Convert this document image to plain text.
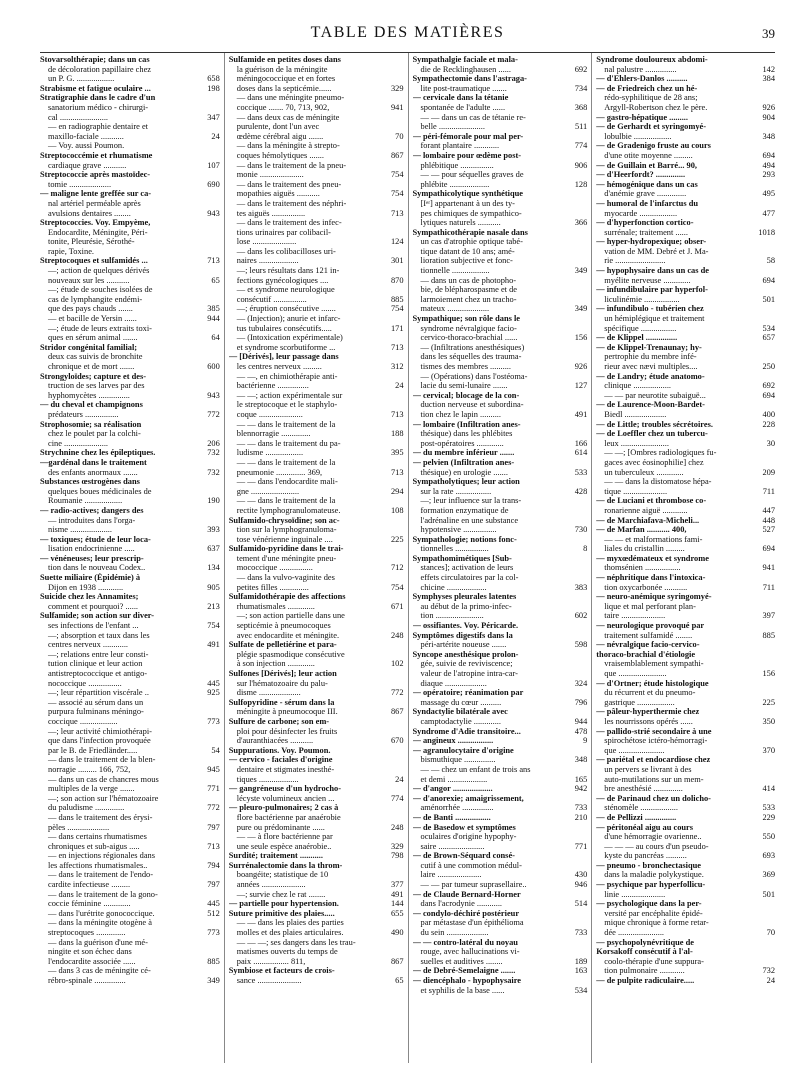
TABLE DES MATIÈRES	39
Stovarsolthérapie; dans un cas
de décoloration papillaire chez
un P. G. ..................	658
Strabisme et fatigue oculaire ...	198
Stratigraphie dans le cadre d'un
sanatorium médico - chirurgi-
cal .......................	347
— en radiographie dentaire et
maxillo-faciale ...........	24
— Voy. aussi Poumon.
Streptococcémie et rhumatisme
cardiaque grave ...........	107
Streptococcie après mastoïdec-
tomie ....................	690
— maligne lente greffée sur ca-
nal artériel perméable après
avulsions dentaires ........	943
Streptococcies. Voy. Empyème,
Endocardite, Méningite, Péri-
tonite, Pleurésie, Sérothé-
rapie, Toxine.
Streptocoques et sulfamidés ...	713
—; action de quelques dérivés
nouveaux sur les ...........	65
—; étude de souches isolées de
cas de lymphangite endémi-
que des pays chauds .......	385
— et bacille de Yersin ......	944
—; étude de leurs extraits toxi-
ques en sérum animal .......	64
Stridor congénital familial;
deux cas suivis de bronchite
chronique et de mort .......	600
Strongyloïdes; capture et des-
truction de ses larves par des
hyphomycètes ...............	943
— du cheval et champignons
prédateurs ................	772
Strophosomie; sa réalisation
chez le poulet par la colchi-
cine .....................	206
Strychnine chez les épileptiques.	732
—gardénal dans le traitement
des enfants anormaux .......	732
Substances œstrogènes dans
quelques boues médicinales de
Roumanie ..................	190
— radio-actives; dangers des
— introduites dans l'orga-
nisme ....................	393
— toxiques; étude de leur loca-
lisation endocrinienne .....	637
— vénéneuses; leur prescrip-
tion dans le nouveau Codex..	134
Suette miliaire (Épidémie) à
Dijon en 1938 ............	905
Suicide chez les Annamites;
comment et pourquoi? ......	213
Sulfamide; son action sur diver-
ses infections de l'enfant ...	754
—; absorption et taux dans les
centres nerveux ............	491
—; relations entre leur consti-
tution clinique et leur action
antistreptococcique et antigo-
nococcique ................	445
—; leur répartition viscérale ..	925
— associé au sérum dans un
purpura fulminans méningo-
coccique ..................	773
—; leur activité chimiothérapi-
que dans l'infection provoquée
par le B. de Friedländer.....	54
— dans le traitement de la blen-
norragie ......... 166, 752,	945
— dans un cas de chancres mous
multiples de la verge .......	771
—; son action sur l'hématozoaire
du paludisme ..............	772
— dans le traitement des érysi-
pèles ....................	797
— dans certains rhumatismes
chroniques et sub-aigus .....	713
— en injections régionales dans
les affections rhumatismales..	794
— dans le traitement de l'endo-
cardite infectieuse .........	797
— dans le traitement de la gono-
coccie féminine .............	445
— dans l'urétrite gonococcique.	512
— dans la méningite otogène à
streptocoques ..............	773
— dans la guérison d'une mé-
ningite et son échec dans
l'endocardite associée ......	885
— dans 3 cas de méningite cé-
rébro-spinale ...............	349
Sulfamide en petites doses dans
la guérison de la méningite
méningococcique et en fortes
doses dans la septicémie......	329
— dans une méningite pneumo-
coccique ....... 70, 713, 902,	941
— dans deux cas de méningite
purulente, dont l'un avec
œdème cérébral aigu .......	70
— dans la méningite à strepto-
coques hémolytiques .......	867
— dans le traitement de la pneu-
monie .....................	754
— dans le traitement des pneu-
mopathies aiguës ...........	754
— dans le traitement des néphri-
tes aiguës ................	713
— dans le traitement des infec-
tions urinaires par colibacil-
lose .....................	124
— dans les colibacilloses uri-
naires ...................	301
—; leurs résultats dans 121 in-
fections gynécologiques ....	870
— et syndrome neurologique
consécutif ................	885
—; éruption consécutive .......	754
— (Injection); anurie et infarc-
tus tubulaires consécutifs.....	171
— (Intoxication expérimentale)
et syndrome scorbutiforme ...	713
— [Dérivés], leur passage dans
les centres nerveux .........	312
— —, en chimiothérapie anti-
bactérienne ...............	24
— —; action expérimentale sur
le streptocoque et le staphylo-
coque .....................	713
— — dans le traitement de la
blennorragie ..............	188
— — dans le traitement du pa-
ludisme ..................	395
— — dans le traitement de la
pneumonie .............. 369,	713
— — dans l'endocardite mali-
gne .......................	294
— — dans le traitement de la
rectite lymphogranulomateuse.	108
Sulfamido-chrysoïdine; son ac-
tion sur la lymphogranuloma-
tose vénérienne inguinale ....	225
Sulfamido-pyridine dans le trai-
tement d'une méningite pneu-
mococcique ................	712
— dans la vulvo-vaginite des
petites filles ..............	754
Sulfamidothérapie des affections
rhumatismales .............	671
—; son action partielle dans une
septicémie à pneumocoques
avec endocardite et méningite.	248
Sulfate de pelletiérine et para-
plégie spasmodique consécutive
à son injection .............	102
Sulfones [Dérivés]; leur action
sur l'hématozoaire du palu-
disme ....................	772
Sulfopyridine - sérum dans la
méningite à pneumocoque III.	867
Sulfure de carbone; son em-
ploi pour désinfecter les fruits
d'auranthiacées ...........	670
Suppurations. Voy. Poumon.
— cervico - faciales d'origine
dentaire et stigmates inesthé-
tiques ...................	24
— gangréneuse d'un hydrocho-
lécyste volumineux ancien ...	774
— pleuro-pulmonaires; 2 cas à
flore bactérienne par anaérobie
pure ou prédominante ......	248
— — à flore bactérienne par
une seule espèce anaérobie..	329
Surdité; traitement ...........	798
Surrénalectomie dans la throm-
boangéite; statistique de 10
années .....................	377
—; survie chez le rat ........	491
— partielle pour hypertension.	144
Suture primitive des plaies.....	655
— — dans les plaies des parties
molles et des plaies articulaires.	490
— — —; ses dangers dans les trau-
matismes ouverts du temps de
paix ................. 811,	867
Symbiose et facteurs de crois-
sance .....................	65
Sympathalgie faciale et mala-
die de Recklinghausen ......	692
Sympathectomie dans l'astraga-
lite post-traumatique .......	734
— cervicale dans la tétanie
spontanée de l'adulte ......	368
— — dans un cas de tétanie re-
belle ......................	511
— péri-fémorale pour mal per-
forant plantaire ............	774
— lombaire pour œdème post-
phlébitique ................	906
— — pour séquelles graves de
phlébite ...................	128
Sympathicolytique synthétique
[Iᵉʳ] appartenant à un des ty-
pes chimiques de sympathico-
lytiques naturels ...........	366
Sympathicothérapie nasale dans
un cas d'atrophie optique tabé-
tique datant de 10 ans; amé-
lioration subjective et fonc-
tionnelle ..................	349
— dans un cas de photopho-
bie, de blépharospasme et de
larmoiement chez un tracho-
mateux ....................	349
Sympathique; son rôle dans le
syndrome névralgique facio-
cervico-thoraco-brachial ......	156
— (Infiltrations anesthésiques)
dans les séquelles des trauma-
tismes des membres ..........	926
— (Opérations) dans l'ostéoma-
lacie du semi-lunaire .......	127
— cervical; blocage de la con-
duction nerveuse et subordina-
tion chez le lapin ..........	491
— lombaire (Infiltration anes-
thésique) dans les phlébites
post-opératoires .............	166
— du membre inférieur .......	614
— pelvien (Infiltration anes-
thésique) en urologie .......	533
Sympatholytiques; leur action
sur la rate .................	428
—; leur influence sur la trans-
formation enzymatique de
l'adrénaline en une substance
hypotensive ................	730
Sympathologie; notions fonc-
tionnelles ................	8
Sympathomimétiques [Sub-
stances]; activation de leurs
effets circulatoires par la col-
chicine ...................	383
Symphyses pleurales latentes
au début de la primo-infec-
tion .......................	602
— ossifiantes. Voy. Péricarde.
Symptômes digestifs dans la
péri-artérite noueuse .......	598
Syncope anesthésique prolon-
gée, suivie de reviviscence;
valeur de l'atropine intra-car-
diaque ....................	324
— opératoire; réanimation par
massage du cœur ..........	796
Syndactylie bilatérale avec
camptodactylie .............	944
Syndrome d'Adie transitoire...	478
— angineux .................	9
— agranulocytaire d'origine
bismuthique ...............	348
— — chez un enfant de trois ans
et demi ...................	165
— d'angor ...................	942
— d'anorexie; amaigrissement,
aménorrhée ...............	733
— de Banti .................	210
— de Basedow et symptômes
oculaires d'origine hypophy-
saire ......................	771
— de Brown-Séquard consé-
cutif à une commotion médul-
laire .....................	430
— — par tumeur suprasellaire..	946
— de Claude Bernard-Horner
dans l'acrodynie ............	514
— condylo-déchiré postérieur
par métastase d'un épithélioma
du sein ....................	733
— — contro-latéral du noyau
rouge, avec hallucinations vi-
suelles et auditives ........	189
— de Debré-Semelaigne .......	163
— diencéphalo - hypophysaire
et syphilis de la base ......	534
Syndrome douloureux abdomi-
nal palustre ...............	142
— d'Ehlers-Danlos ..........	384
— de Friedreich chez un hé-
rédo-syphilitique de 28 ans;
Argyll-Robertson chez le père.	926
— gastro-hépatique .........	904
— de Gerhardt et syringomyé-
lobulbie ..................	348
— de Gradenigo fruste au cours
d'une otite moyenne .........	694
— de Guillain et Barré... 90,	494
— d'Heerfordt? ..............	293
— hémogénique dans un cas
d'anémie grave ..............	495
— humoral de l'infarctus du
myocarde ..................	477
— d'hyperfonction cortico-
surrénale; traitement ......	1018
— hyper-hydropexique; obser-
vation de MM. Debré et J. Ma-
rie ........................	58
— hypophysaire dans un cas de
myélite nerveuse .............	694
— infundibulaire par hyperfol-
liculinémie .................	501
— infundibulo - tubérien chez
un hémiplégique et traitement
spécifique .................	534
— de Klippel ...............	657
— de Klippel-Trenaunay; hy-
pertrophie du membre infé-
rieur avec nævi multiples....	250
— de Landry; étude anatomo-
clinique ..................	692
— — par neurotite subaiguë...	694
— de Laurence-Moon-Bardet-
Biedl ....................	400
— de Little; troubles sécrétoires.	228
— de Loeffler chez un tubercu-
leux .......................	30
— —; [Ombres radiologiques fu-
gaces avec éosinophilie] chez
un tuberculeux .............	209
— — dans la distomatose hépa-
tique .....................	711
— de Luciani et thrombose co-
ronarienne aiguë ............	447
— de Marchiafava-Micheli...	448
— de Marfan ........... 400,	527
— — et malformations fami-
liales du cristallin .........	694
— myxœdémateux et syndrome
thomsénien .................	941
— néphritique dans l'intoxica-
tion oxycarbonée ...........	711
— neuro-anémique syringomyé-
lique et mal perforant plan-
taire .....................	397
— neurologique provoqué par
traitement sulfamidé ........	885
— névralgique facio-cervico-
thoraco-brachial d'étiologie
vraisemblablement sympathi-
que .......................	156
— d'Ortner; étude histologique
du récurrent et du pneumo-
gastrique ..................	225
— pâleur-hyperthermie chez
les nourrissons opérés ......	350
— pallido-strié secondaire à une
spirochétose ictéro-hémorragi-
que ......................	370
— pariétal et endocardiose chez
un pervers se livrant à des
auto-mutilations sur un mem-
bre anesthésié ..............	414
— de Parinaud chez un dolicho-
sténomèle ..................	533
— de Pellizzi ...............	229
— péritonéal aigu au cours
d'une hémorragie ovarienne..	550
— — — au cours d'un pseudo-
kyste du pancréas ..........	693
— pneumo - bronchectasique
dans la maladie polykystique.	369
— psychique par hyperfollicu-
linie .....................	501
— psychologique dans la per-
versité par encéphalite épidé-
mique chronique à forme retar-
dée ......................	70
— psychopolynévritique de
Korsakoff consécutif à l'al-
coolo-thérapie d'une suppura-
tion pulmonaire ............	732
— de pulpite radiculaire.....	24
